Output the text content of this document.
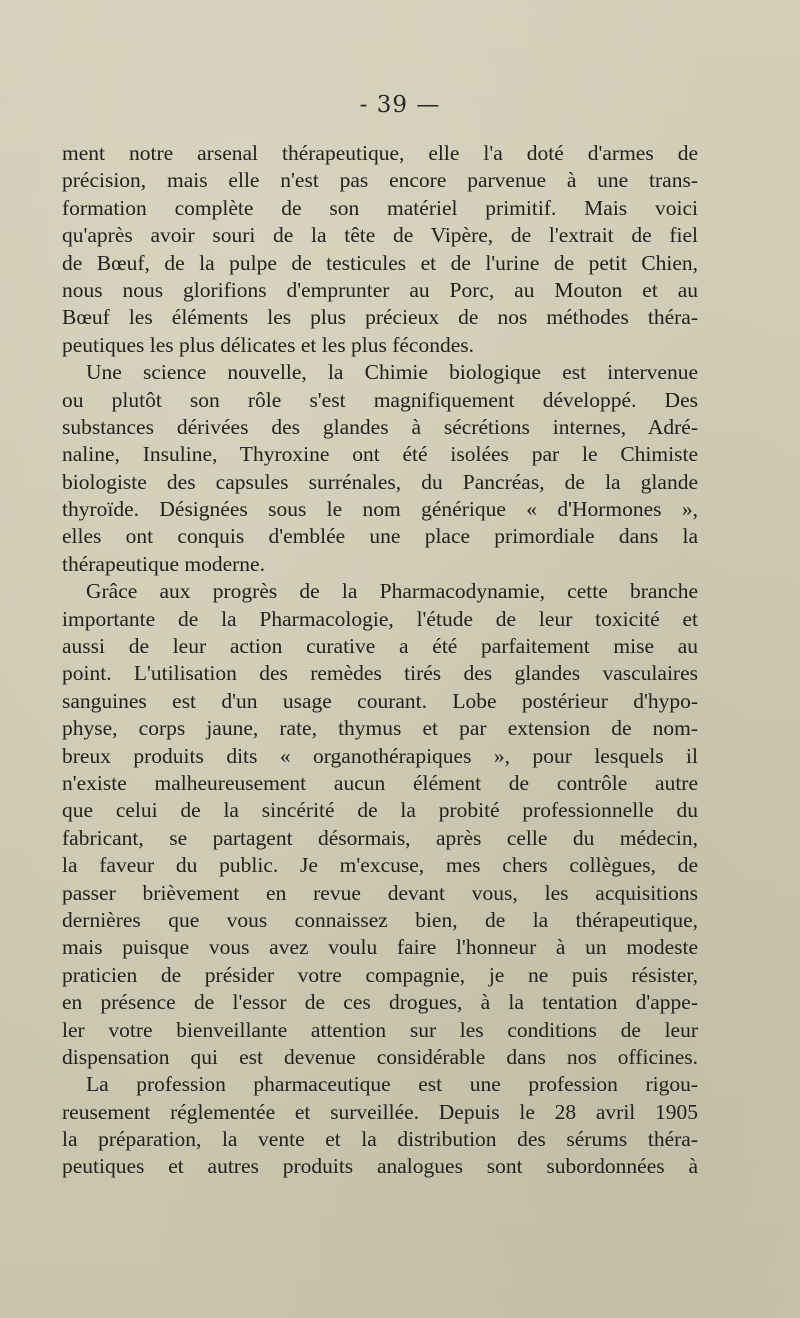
- 39 —
ment notre arsenal thérapeutique, elle l'a doté d'armes de
précision, mais elle n'est pas encore parvenue à une trans-
formation complète de son matériel primitif. Mais voici
qu'après avoir souri de la tête de Vipère, de l'extrait de fiel
de Bœuf, de la pulpe de testicules et de l'urine de petit Chien,
nous nous glorifions d'emprunter au Porc, au Mouton et au
Bœuf les éléments les plus précieux de nos méthodes théra-
peutiques les plus délicates et les plus fécondes.
Une science nouvelle, la Chimie biologique est intervenue
ou plutôt son rôle s'est magnifiquement développé. Des
substances dérivées des glandes à sécrétions internes, Adré-
naline, Insuline, Thyroxine ont été isolées par le Chimiste
biologiste des capsules surrénales, du Pancréas, de la glande
thyroïde. Désignées sous le nom générique « d'Hormones »,
elles ont conquis d'emblée une place primordiale dans la
thérapeutique moderne.
Grâce aux progrès de la Pharmacodynamie, cette branche
importante de la Pharmacologie, l'étude de leur toxicité et
aussi de leur action curative a été parfaitement mise au
point. L'utilisation des remèdes tirés des glandes vasculaires
sanguines est d'un usage courant. Lobe postérieur d'hypo-
physe, corps jaune, rate, thymus et par extension de nom-
breux produits dits « organothérapiques », pour lesquels il
n'existe malheureusement aucun élément de contrôle autre
que celui de la sincérité de la probité professionnelle du
fabricant, se partagent désormais, après celle du médecin,
la faveur du public. Je m'excuse, mes chers collègues, de
passer brièvement en revue devant vous, les acquisitions
dernières que vous connaissez bien, de la thérapeutique,
mais puisque vous avez voulu faire l'honneur à un modeste
praticien de présider votre compagnie, je ne puis résister,
en présence de l'essor de ces drogues, à la tentation d'appe-
ler votre bienveillante attention sur les conditions de leur
dispensation qui est devenue considérable dans nos officines.
La profession pharmaceutique est une profession rigou-
reusement réglementée et surveillée. Depuis le 28 avril 1905
la préparation, la vente et la distribution des sérums théra-
peutiques et autres produits analogues sont subordonnées à
